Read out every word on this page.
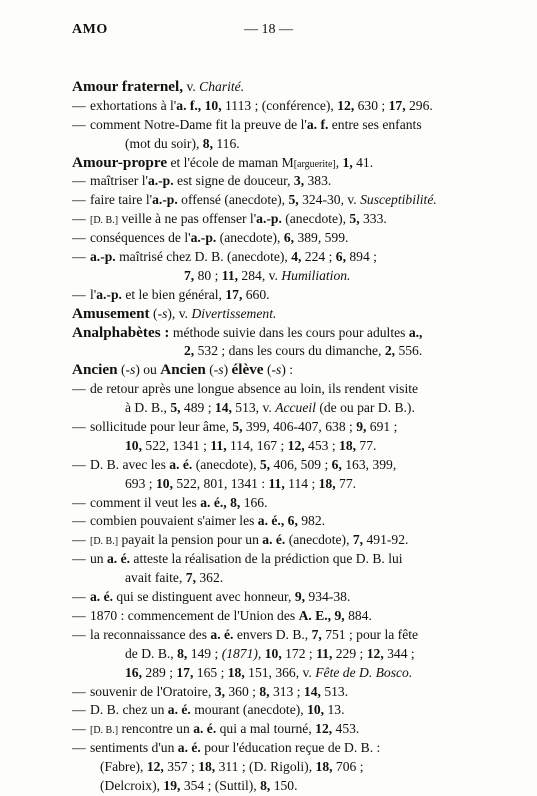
AMO	— 18 —
Amour fraternel, v. Charité.
—exhortations à l'a. f., 10, 1113 ; (conférence), 12, 630 ; 17, 296.
—comment Notre-Dame fit la preuve de l'a. f. entre ses enfants
(mot du soir), 8, 116.
Amour-propre et l'école de maman M[arguerite], 1, 41.
—maîtriser l'a.-p. est signe de douceur, 3, 383.
—faire taire l'a.-p. offensé (anecdote), 5, 324-30, v. Susceptibilité.
—[D. B.] veille à ne pas offenser l'a.-p. (anecdote), 5, 333.
—conséquences de l'a.-p. (anecdote), 6, 389, 599.
—a.-p. maîtrisé chez D. B. (anecdote), 4, 224 ; 6, 894 ;
7, 80 ; 11, 284, v. Humiliation.
—l'a.-p. et le bien général, 17, 660.
Amusement (-s), v. Divertissement.
Analphabètes : méthode suivie dans les cours pour adultes a.,
2, 532 ; dans les cours du dimanche, 2, 556.
Ancien (-s) ou Ancien (-s) élève (-s) :
—de retour après une longue absence au loin, ils rendent visite
à D. B., 5, 489 ; 14, 513, v. Accueil (de ou par D. B.).
—sollicitude pour leur âme, 5, 399, 406-407, 638 ; 9, 691 ;
10, 522, 1341 ; 11, 114, 167 ; 12, 453 ; 18, 77.
—D. B. avec les a. é. (anecdote), 5, 406, 509 ; 6, 163, 399,
693 ; 10, 522, 801, 1341 : 11, 114 ; 18, 77.
—comment il veut les a. é., 8, 166.
—combien pouvaient s'aimer les a. é., 6, 982.
—[D. B.] payait la pension pour un a. é. (anecdote), 7, 491-92.
—un a. é. atteste la réalisation de la prédiction que D. B. lui
avait faite, 7, 362.
—a. é. qui se distinguent avec honneur, 9, 934-38.
—1870 : commencement de l'Union des A. E., 9, 884.
—la reconnaissance des a. é. envers D. B., 7, 751 ; pour la fête
de D. B., 8, 149 ; (1871), 10, 172 ; 11, 229 ; 12, 344 ;
16, 289 ; 17, 165 ; 18, 151, 366, v. Fête de D. Bosco.
—souvenir de l'Oratoire, 3, 360 ; 8, 313 ; 14, 513.
—D. B. chez un a. é. mourant (anecdote), 10, 13.
—[D. B.] rencontre un a. é. qui a mal tourné, 12, 453.
—sentiments d'un a. é. pour l'éducation reçue de D. B. :
(Fabre), 12, 357 ; 18, 311 ; (D. Rigoli), 18, 706 ;
(Delcroix), 19, 354 ; (Suttil), 8, 150.
